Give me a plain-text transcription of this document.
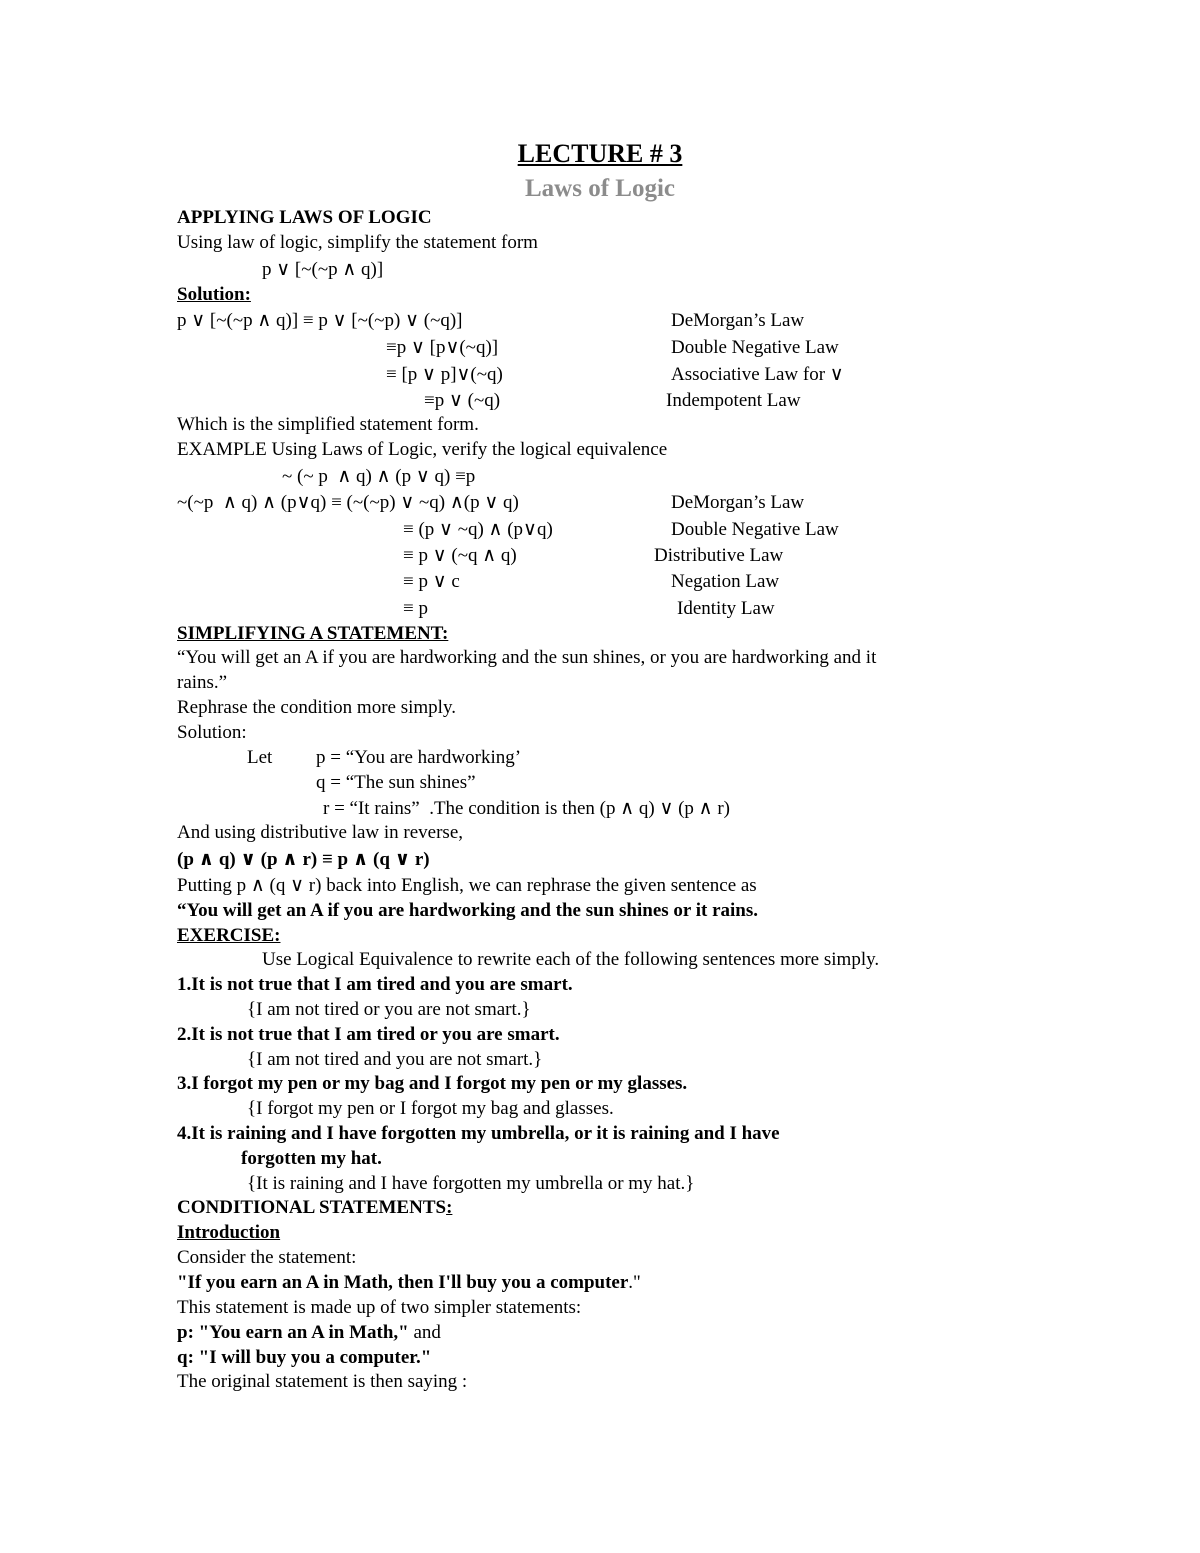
LECTURE # 3
Laws of Logic
APPLYING LAWS OF LOGIC
Using law of logic, simplify the statement form
p ∨ [~(~p ∧ q)]
Solution:
p ∨ [~(~p ∧ q)] ≡ p ∨ [~(~p) ∨ (~q)]	DeMorgan’s Law
≡p ∨ [p∨(~q)]	Double Negative Law
≡ [p ∨ p]∨(~q)	Associative Law for ∨
≡p ∨ (~q)	Indempotent Law
Which is the simplified statement form.
EXAMPLE Using Laws of Logic, verify the logical equivalence
~ (~ p  ∧ q) ∧ (p ∨ q) ≡p
~(~p  ∧ q) ∧ (p∨q) ≡ (~(~p) ∨ ~q) ∧(p ∨ q)	DeMorgan’s Law
≡ (p ∨ ~q) ∧ (p∨q)	Double Negative Law
≡ p ∨ (~q ∧ q)	Distributive Law
≡ p ∨ c	Negation Law
≡ p	Identity Law
SIMPLIFYING A STATEMENT:
“You will get an A if you are hardworking and the sun shines, or you are hardworking and it
rains.”
Rephrase the condition more simply.
Solution:
Let p = “You are hardworking’
q = “The sun shines”
r = “It rains”  .The condition is then (p ∧ q) ∨ (p ∧ r)
And using distributive law in reverse,
(p ∧ q) ∨ (p ∧ r) ≡ p ∧ (q ∨ r)
Putting p ∧ (q ∨ r) back into English, we can rephrase the given sentence as
“You will get an A if you are hardworking and the sun shines or it rains.
EXERCISE:
Use Logical Equivalence to rewrite each of the following sentences more simply.
1.It is not true that I am tired and you are smart.
{I am not tired or you are not smart.}
2.It is not true that I am tired or you are smart.
{I am not tired and you are not smart.}
3.I forgot my pen or my bag and I forgot my pen or my glasses.
{I forgot my pen or I forgot my bag and glasses.
4.It is raining and I have forgotten my umbrella, or it is raining and I have
forgotten my hat.
{It is raining and I have forgotten my umbrella or my hat.}
CONDITIONAL STATEMENTS:
Introduction
Consider the statement:
"If you earn an A in Math, then I'll buy you a computer."
This statement is made up of two simpler statements:
p: "You earn an A in Math," and
q: "I will buy you a computer."
The original statement is then saying :
